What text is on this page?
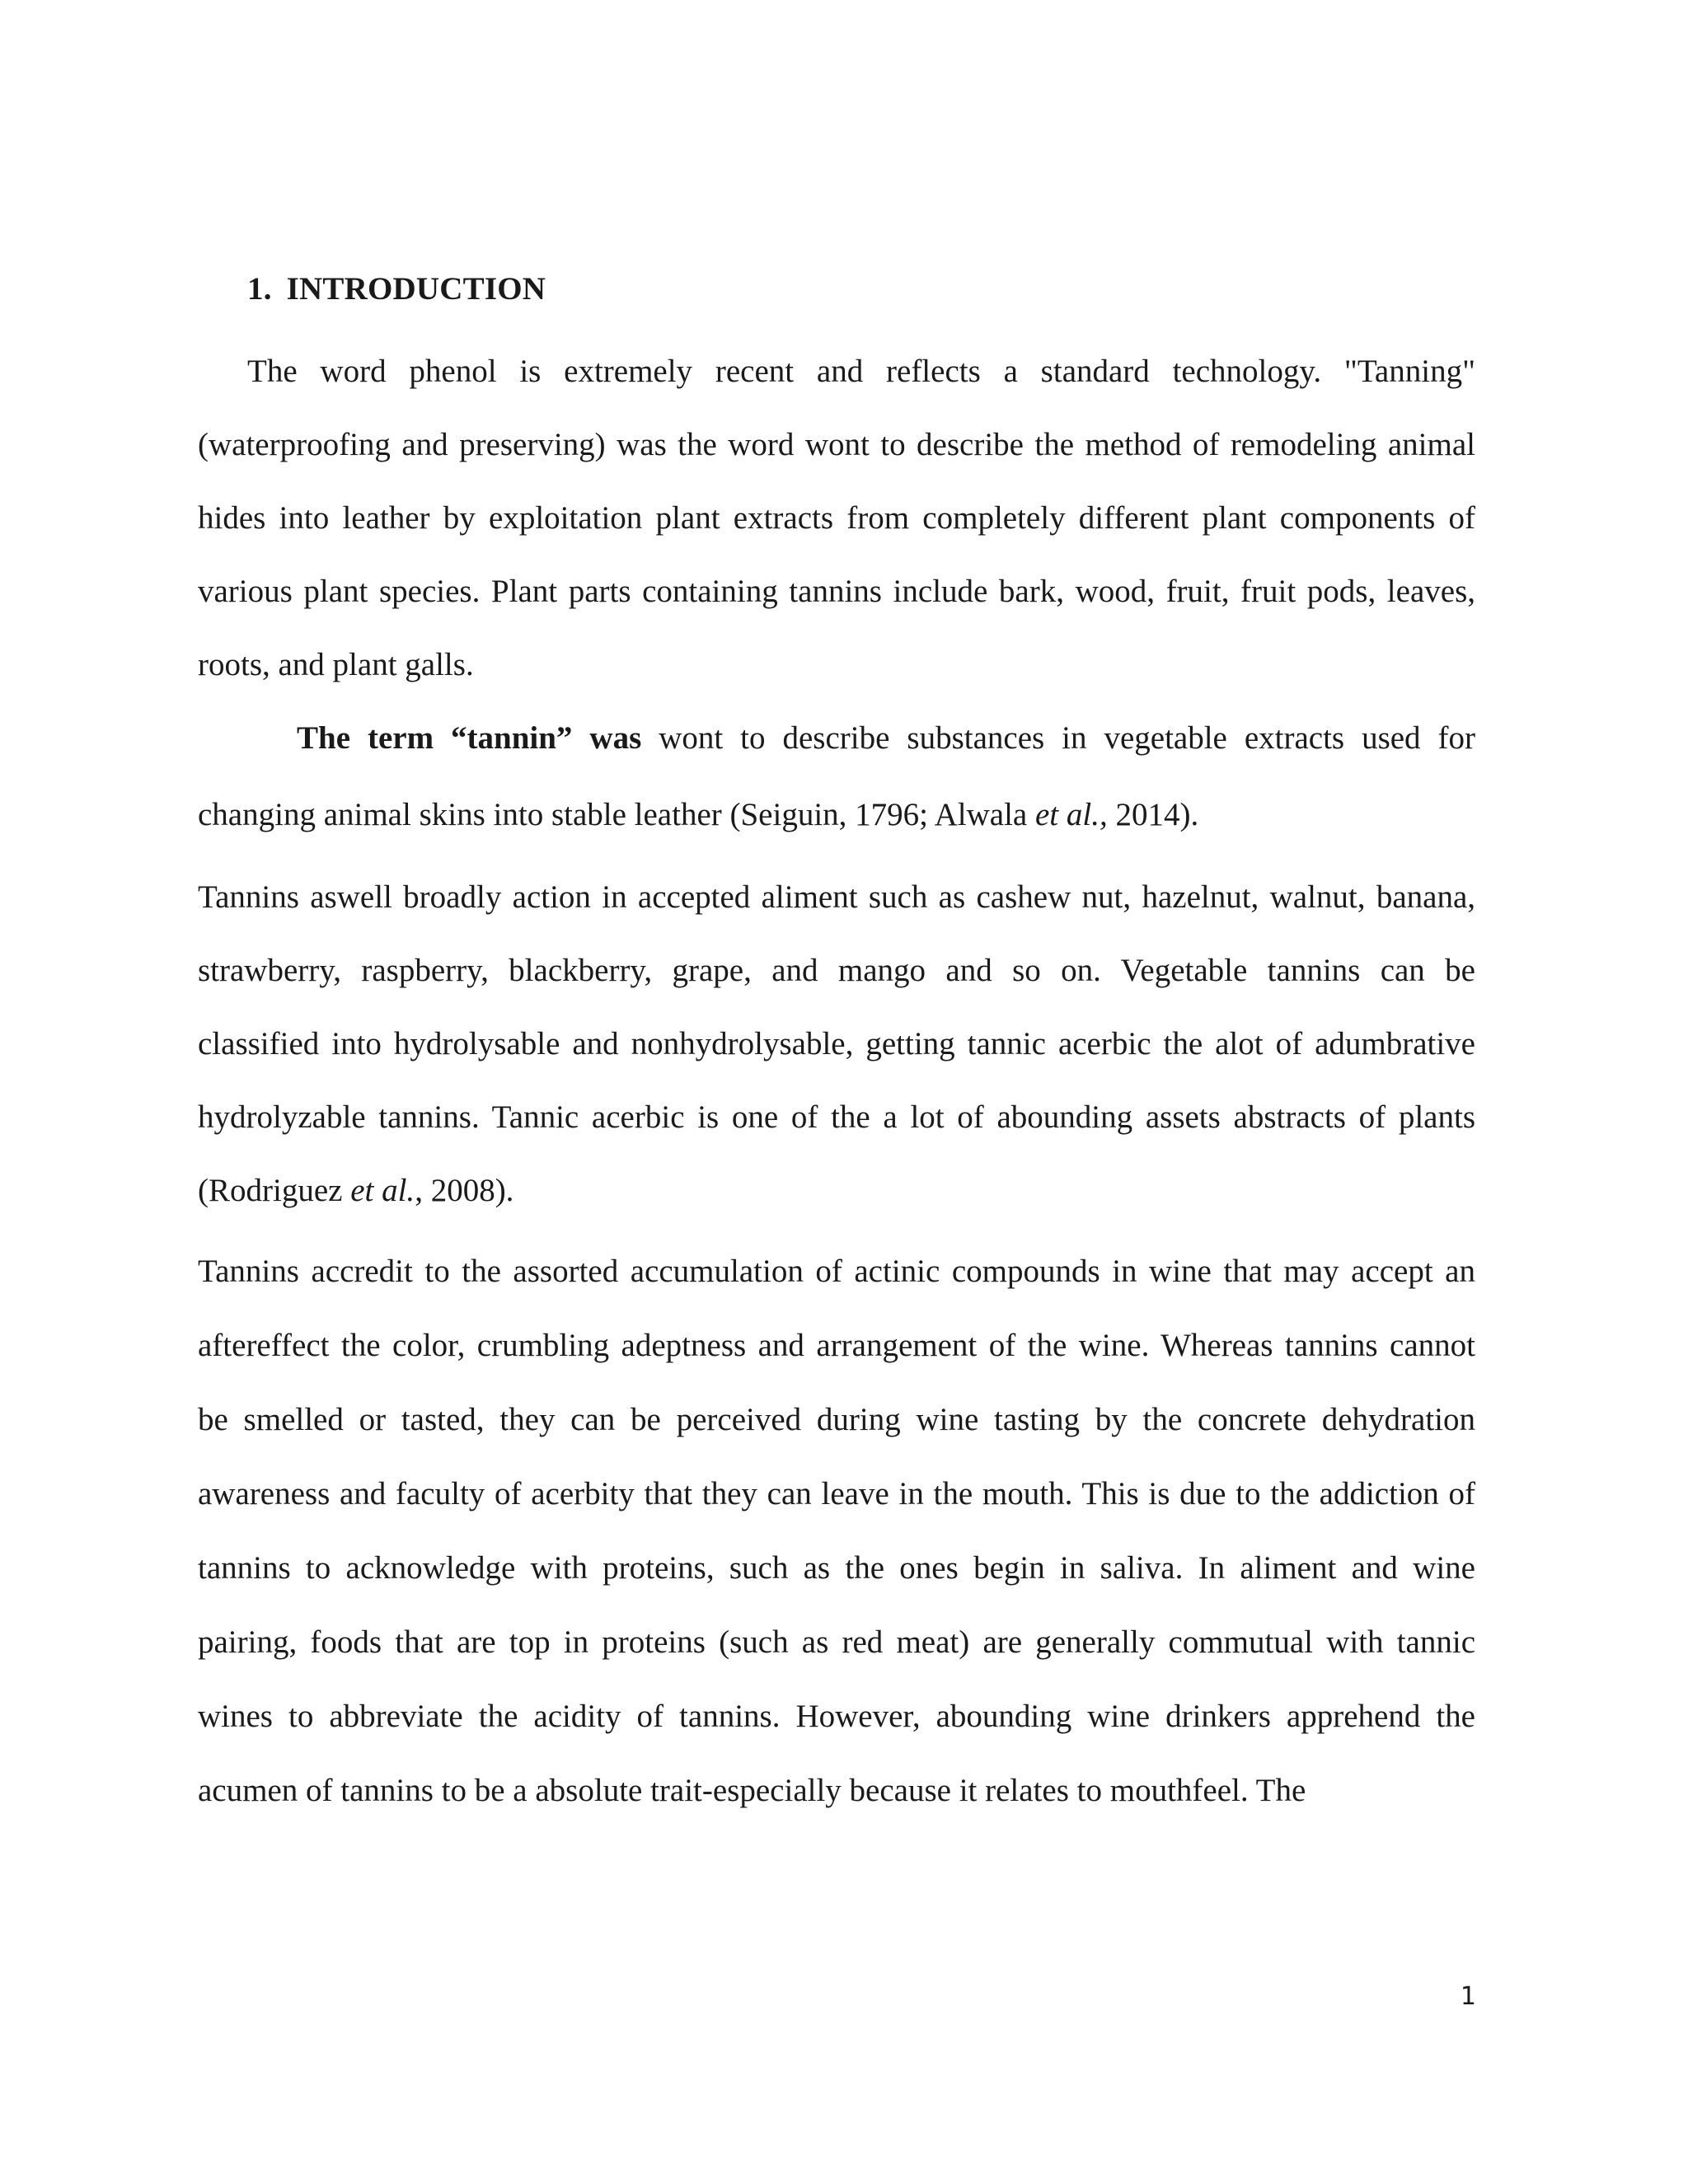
1. INTRODUCTION
The word phenol is extremely recent and reflects a standard technology. "Tanning"
(waterproofing and preserving) was the word wont to describe the method of remodeling animal
hides into leather by exploitation plant extracts from completely different plant components of
various plant species. Plant parts containing tannins include bark, wood, fruit, fruit pods, leaves,
roots, and plant galls.
The term “tannin” was wont to describe substances in vegetable extracts used for
changing animal skins into stable leather (Seiguin, 1796; Alwala et al., 2014).
Tannins aswell broadly action in accepted aliment such as cashew nut, hazelnut, walnut, banana,
strawberry, raspberry, blackberry, grape, and mango and so on. Vegetable tannins can be
classified into hydrolysable and nonhydrolysable, getting tannic acerbic the alot of adumbrative
hydrolyzable tannins. Tannic acerbic is one of the a lot of abounding assets abstracts of plants
(Rodriguez et al., 2008).
Tannins accredit to the assorted accumulation of actinic compounds in wine that may accept an
aftereffect the color, crumbling adeptness and arrangement of the wine. Whereas tannins cannot
be smelled or tasted, they can be perceived during wine tasting by the concrete dehydration
awareness and faculty of acerbity that they can leave in the mouth. This is due to the addiction of
tannins to acknowledge with proteins, such as the ones begin in saliva. In aliment and wine
pairing, foods that are top in proteins (such as red meat) are generally commutual with tannic
wines to abbreviate the acidity of tannins. However, abounding wine drinkers apprehend the
acumen of tannins to be a absolute trait-especially because it relates to mouthfeel. The
1
